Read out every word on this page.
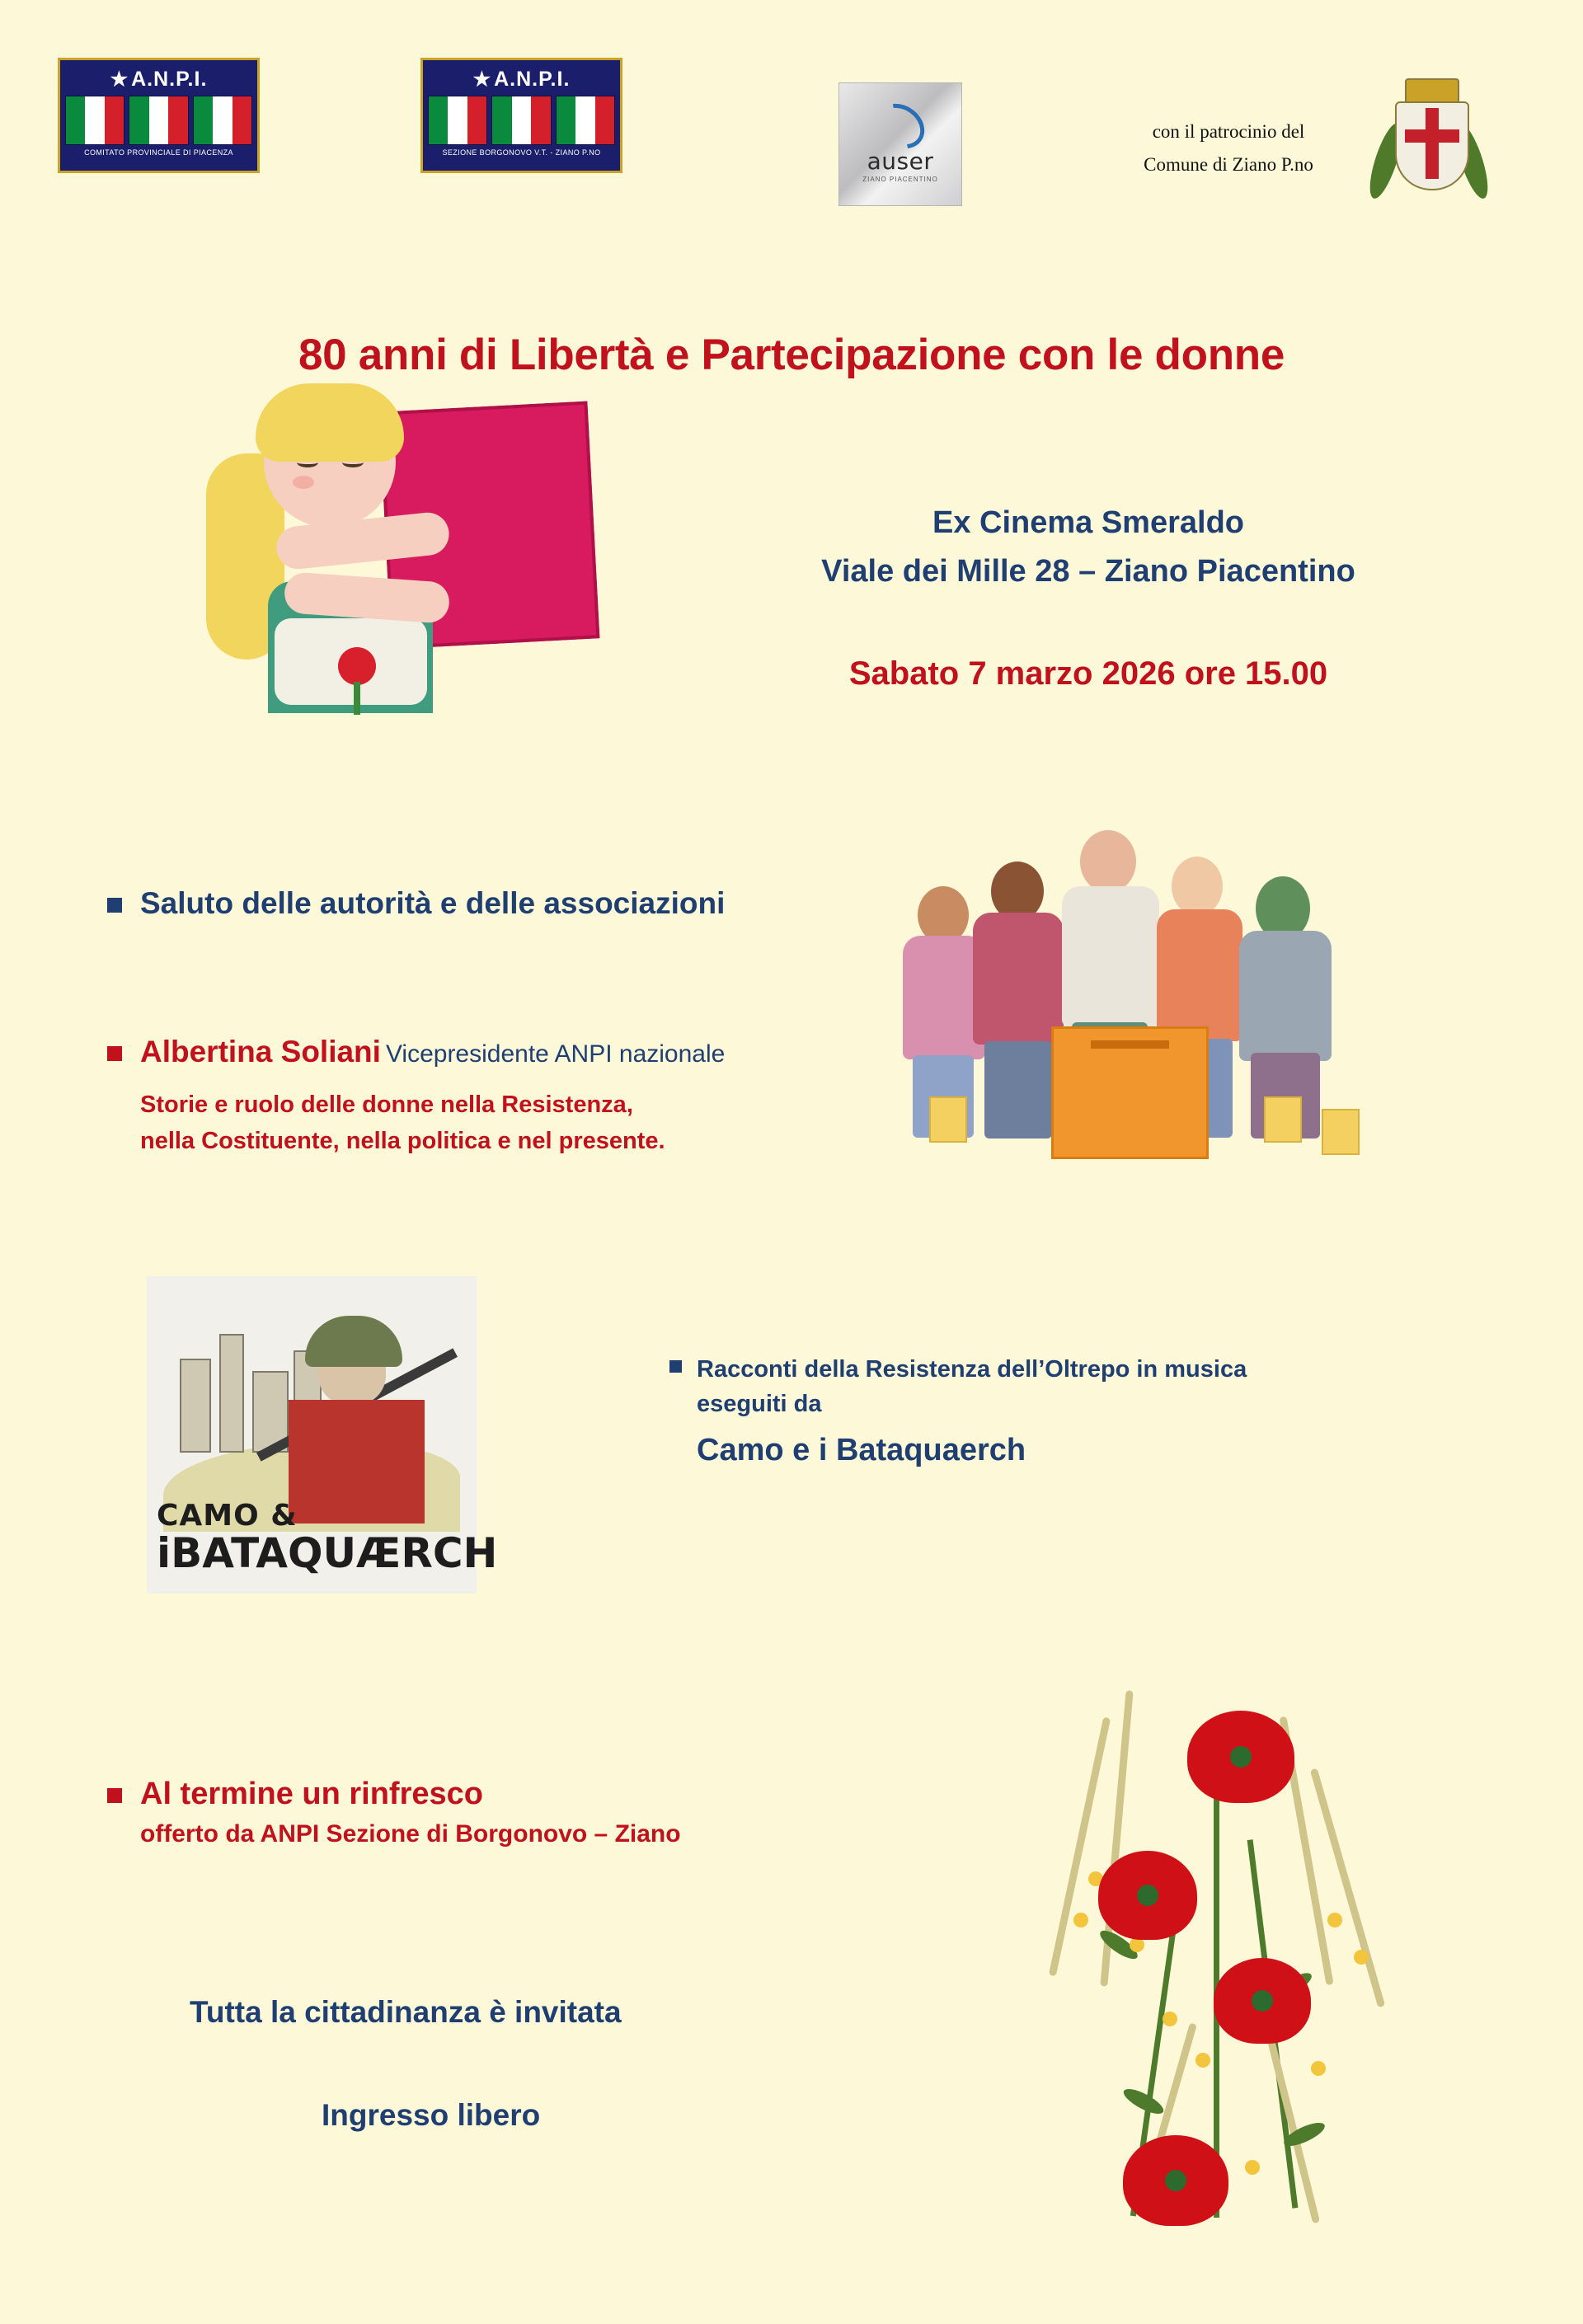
★ A.N.P.I.
COMITATO PROVINCIALE DI PIACENZA
★ A.N.P.I.
SEZIONE BORGONOVO V.T. - ZIANO P.NO	auser
ZIANO PIACENTINO
con il patrocinio del
Comune di Ziano P.no
80 anni di Libertà e Partecipazione con le donne
Ex Cinema Smeraldo
Viale dei Mille 28 – Ziano Piacentino
Sabato 7 marzo 2026 ore 15.00
Saluto delle autorità e delle associazioni
Albertina Soliani Vicepresidente ANPI nazionale
Storie e ruolo delle donne nella Resistenza,
nella Costituente, nella politica e nel presente.
CAMO &
iBATAQUÆRCH
Racconti della Resistenza dell’Oltrepo in musica
eseguiti da
Camo e i Bataquaerch
Al termine un rinfresco
offerto da ANPI Sezione di Borgonovo – Ziano
Tutta la cittadinanza è invitata
Ingresso libero
